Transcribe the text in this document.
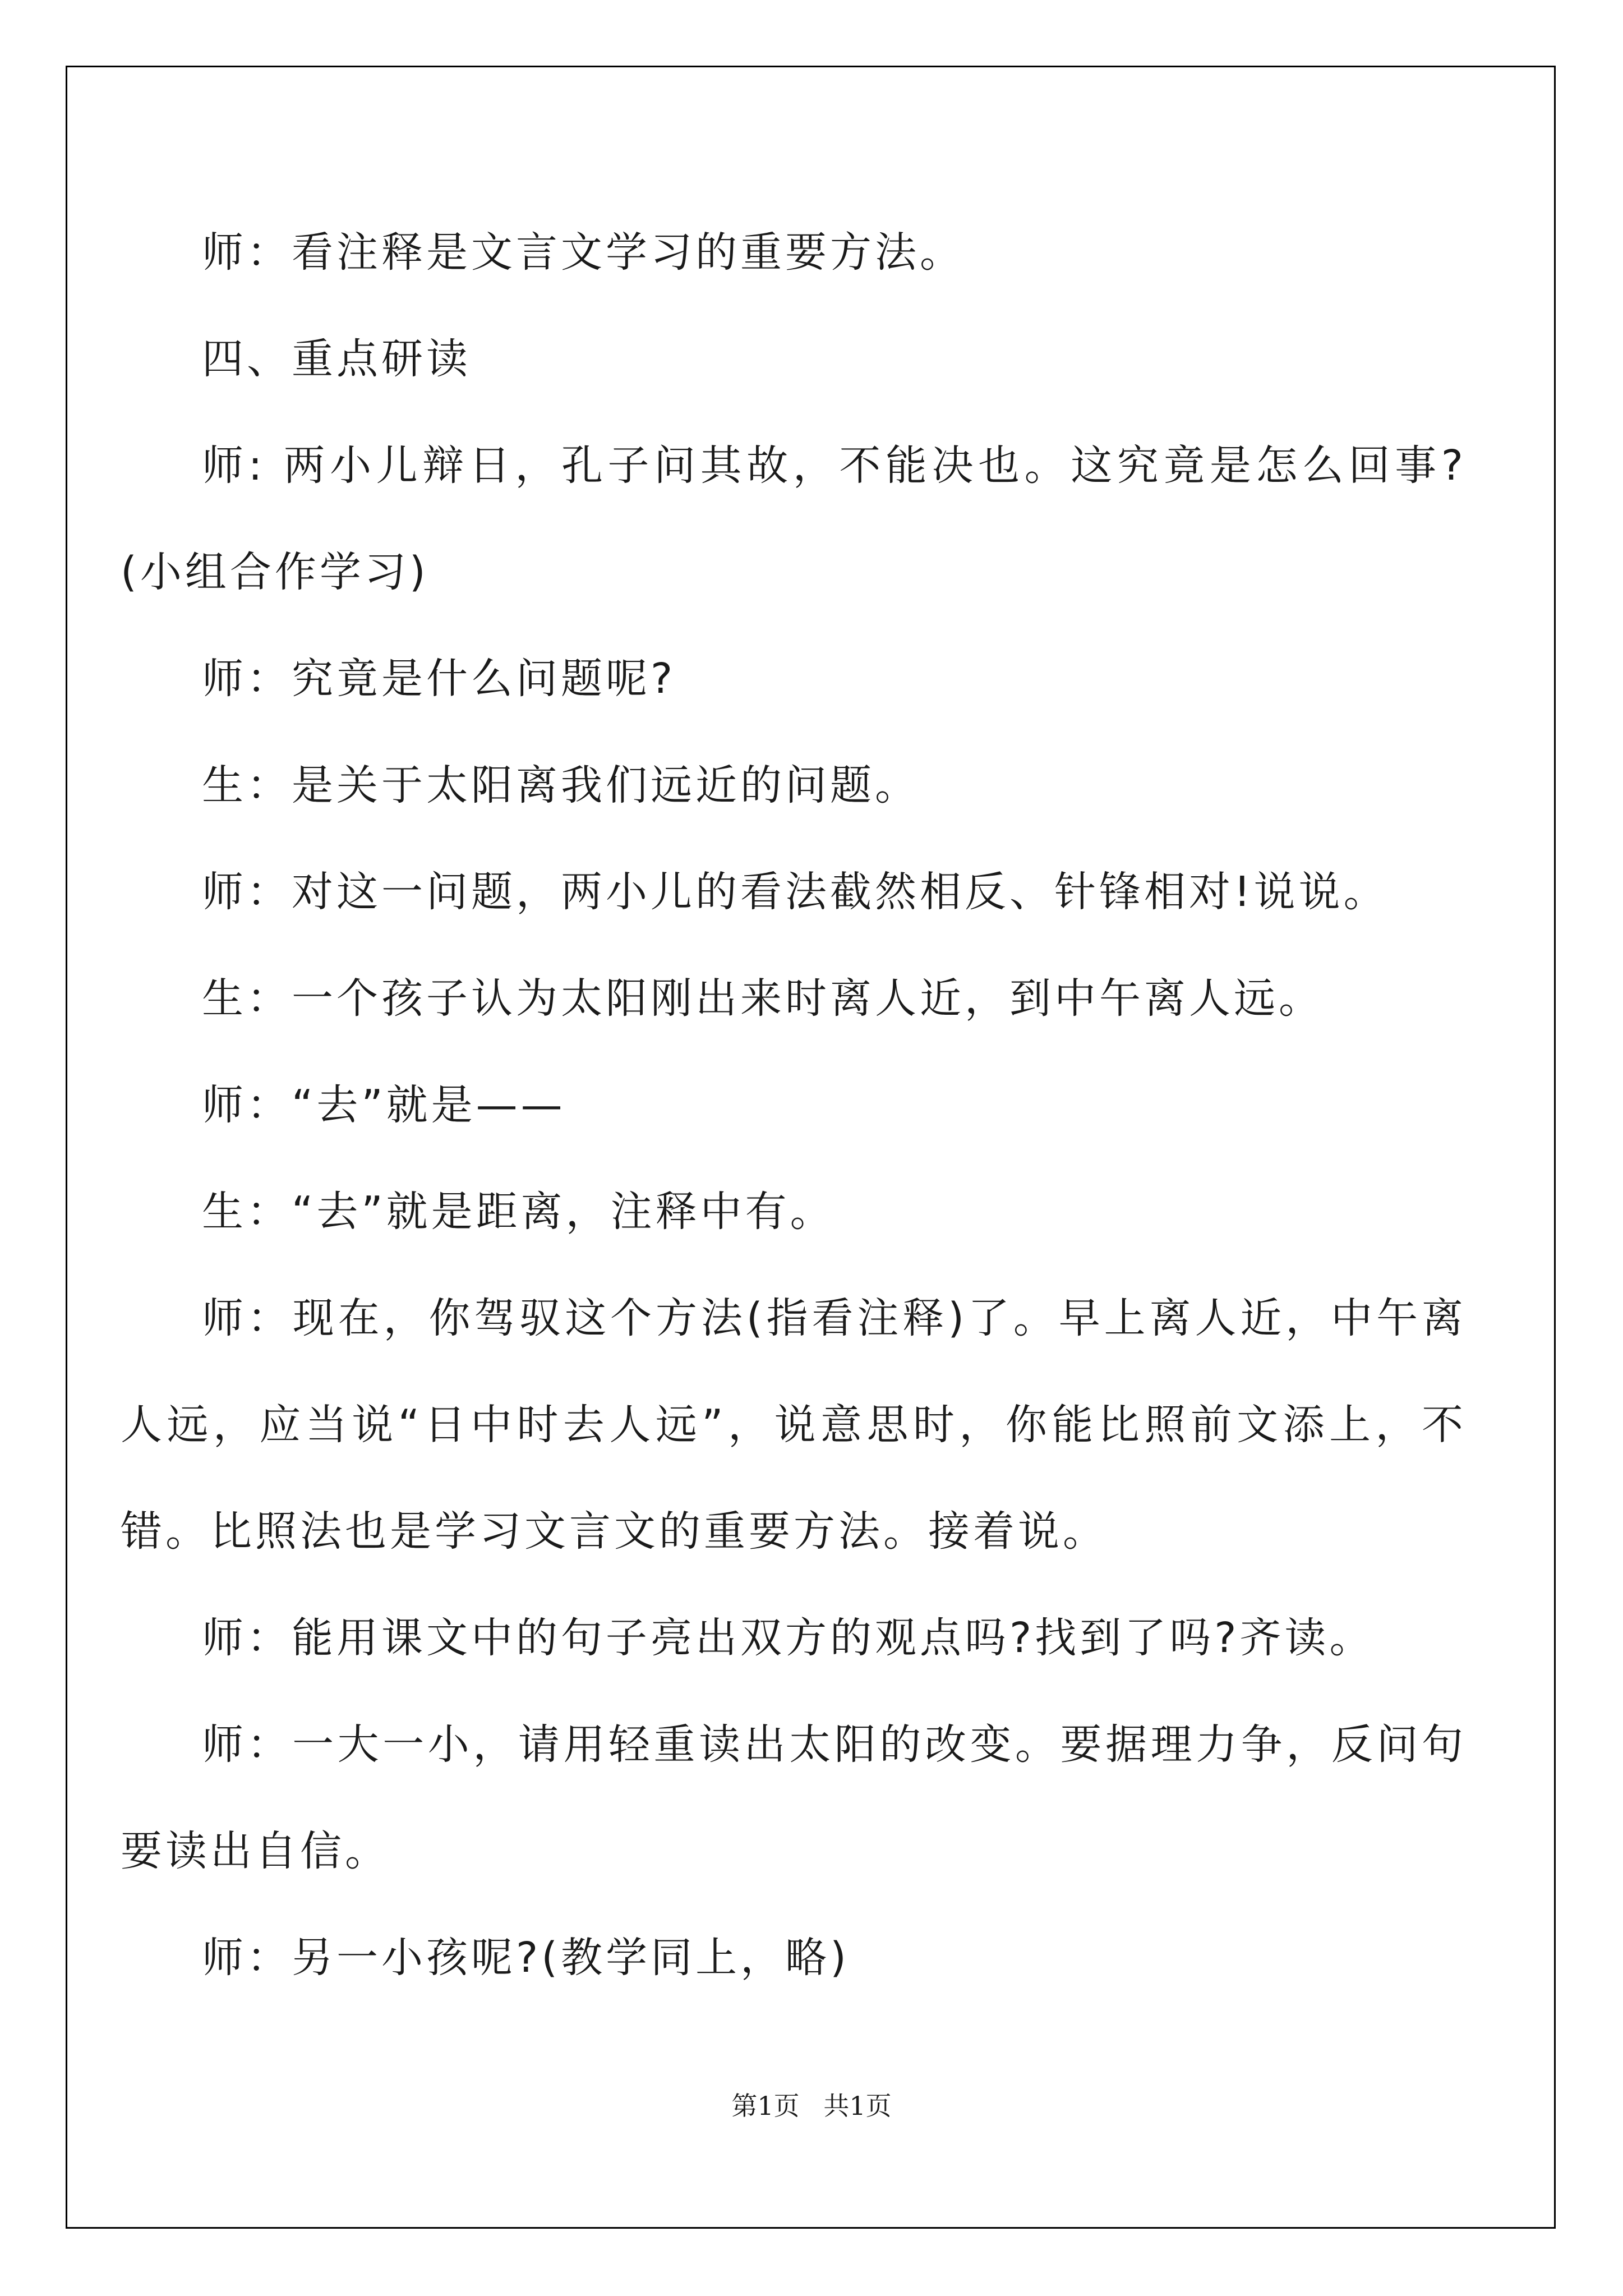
师：看注释是文言文学习的重要方法。
四、重点研读
师: 两小儿辩日，孔子问其故，不能决也。这究竟是怎么回事?(小组合作学习)
师：究竟是什么问题呢?
生：是关于太阳离我们远近的问题。
师：对这一问题，两小儿的看法截然相反、针锋相对!说说。
生：一个孩子认为太阳刚出来时离人近，到中午离人远。
师：“去”就是——
生：“去”就是距离，注释中有。
师：现在，你驾驭这个方法(指看注释)了。早上离人近，中午离人远，应当说“日中时去人远”，说意思时，你能比照前文添上，不错。比照法也是学习文言文的重要方法。接着说。
师：能用课文中的句子亮出双方的观点吗?找到了吗?齐读。
师：一大一小，请用轻重读出太阳的改变。要据理力争，反问句要读出自信。
师：另一小孩呢?(教学同上，略)
第1页 共1页
